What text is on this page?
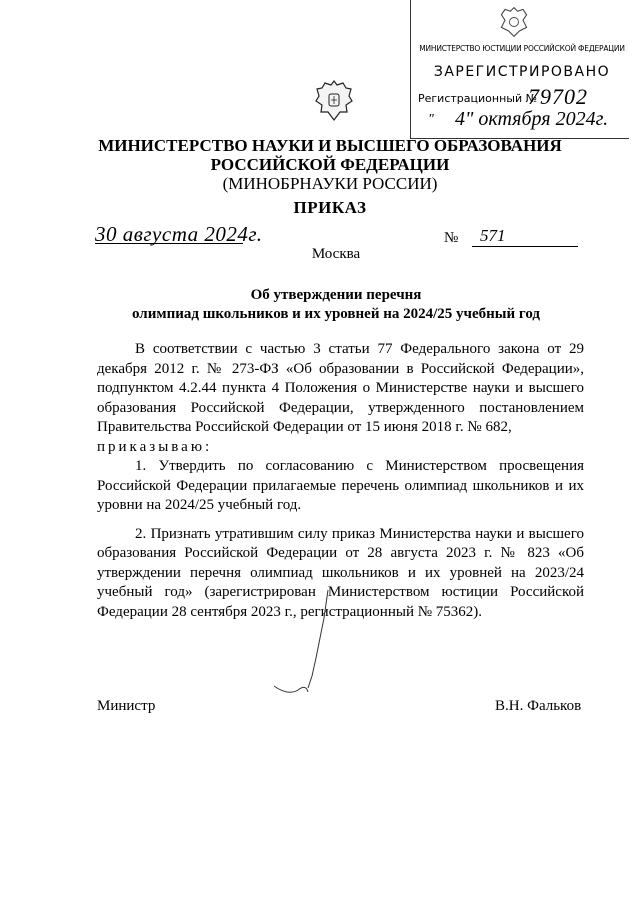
МИНИСТЕРСТВО ЮСТИЦИИ РОССИЙСКОЙ ФЕДЕРАЦИИ
ЗАРЕГИСТРИРОВАНО
Регистрационный №
79702
" 4" октября 2024г.
МИНИСТЕРСТВО НАУКИ И ВЫСШЕГО ОБРАЗОВАНИЯ РОССИЙСКОЙ ФЕДЕРАЦИИ
(МИНОБРНАУКИ РОССИИ)
ПРИКАЗ
30 августа 2024г.	№ 571
Москва
Об утверждении перечня
олимпиад школьников и их уровней на 2024/25 учебный год

В соответствии с частью 3 статьи 77 Федерального закона от 29 декабря 2012 г. № 273-ФЗ «Об образовании в Российской Федерации», подпунктом 4.2.44 пункта 4 Положения о Министерстве науки и высшего образования Российской Федерации, утвержденного постановлением Правительства Российской Федерации от 15 июня 2018 г. № 682,

приказываю:

1. Утвердить по согласованию с Министерством просвещения Российской Федерации прилагаемые перечень олимпиад школьников и их уровни на 2024/25 учебный год.

2. Признать утратившим силу приказ Министерства науки и высшего образования Российской Федерации от 28 августа 2023 г. № 823 «Об утверждении перечня олимпиад школьников и их уровней на 2023/24 учебный год» (зарегистрирован Министерством юстиции Российской Федерации 28 сентября 2023 г., регистрационный № 75362).

Министр	В.Н. Фальков
